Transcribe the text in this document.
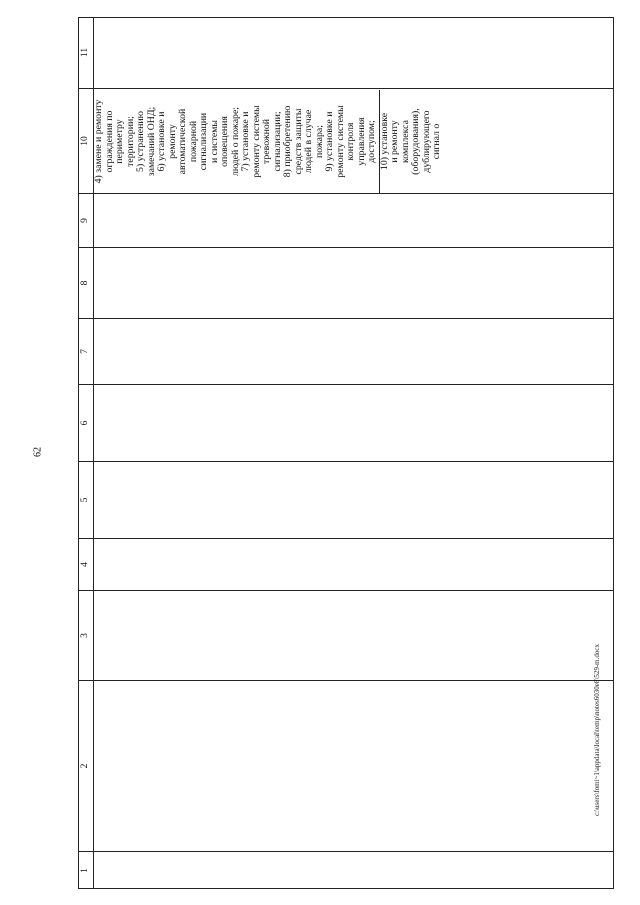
62
1
2
3
4
5
6
7
8
9
10
11
4) замене и ремонту ограждения по периметру территории; 5) устранению замечаний ОНД; 6) установке и ремонту автоматической пожарной сигнализации и системы оповещения людей о пожаре; 7) установке и ремонту системы тревожной сигнализации; 8) приобретению средств защиты людей в случае пожара; 9) установке и ремонту системы контроля управления доступом; 10) установке и ремонту комплекса (оборудования), дублирующего сигнал о
c:\users\fomi~1\appdata\local\temp\notes6030e8\529-m.docx
